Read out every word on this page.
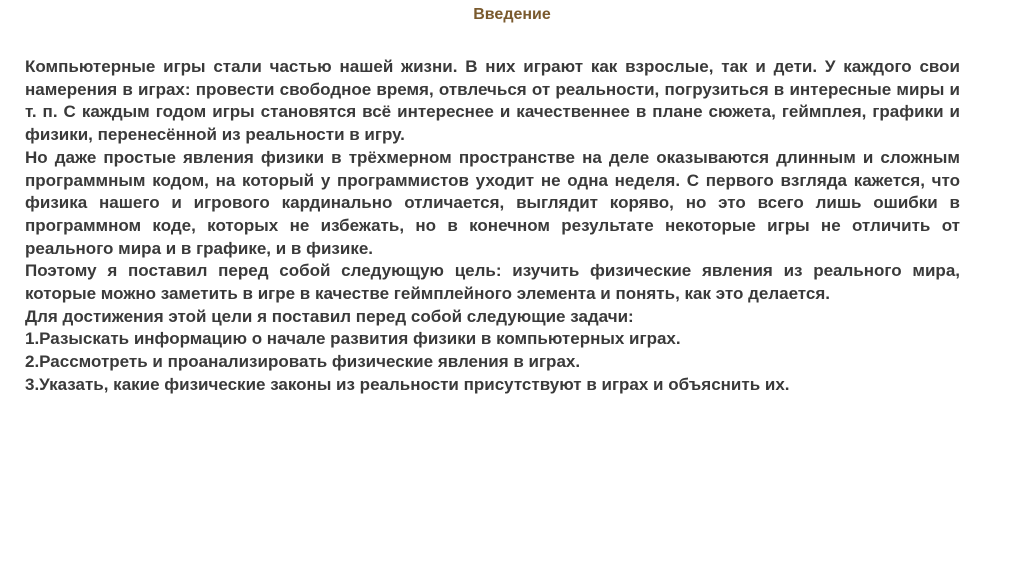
Введение

Компьютерные игры стали частью нашей жизни. В них играют как взрослые, так и дети. У каждого свои намерения в играх: провести свободное время, отвлечься от реальности, погрузиться в интересные миры и т. п. С каждым годом игры становятся всё интереснее и качественнее в плане сюжета, геймплея, графики и физики, перенесённой из реальности в игру.

Но даже простые явления физики в трёхмерном пространстве на деле оказываются длинным и сложным программным кодом, на который у программистов уходит не одна неделя. С первого взгляда кажется, что физика нашего и игрового кардинально отличается, выглядит коряво, но это всего лишь ошибки в программном коде, которых не избежать, но в конечном результате некоторые игры не отличить от реального мира и в графике, и в физике.

Поэтому я поставил перед собой следующую цель: изучить физические явления из реального мира, которые можно заметить в игре в качестве геймплейного элемента и понять, как это делается.

Для достижения этой цели я поставил перед собой следующие задачи:

1.Разыскать информацию о начале развития физики в компьютерных играх.

2.Рассмотреть и проанализировать физические явления в играх.

3.Указать, какие физические законы из реальности присутствуют в играх и объяснить их.
